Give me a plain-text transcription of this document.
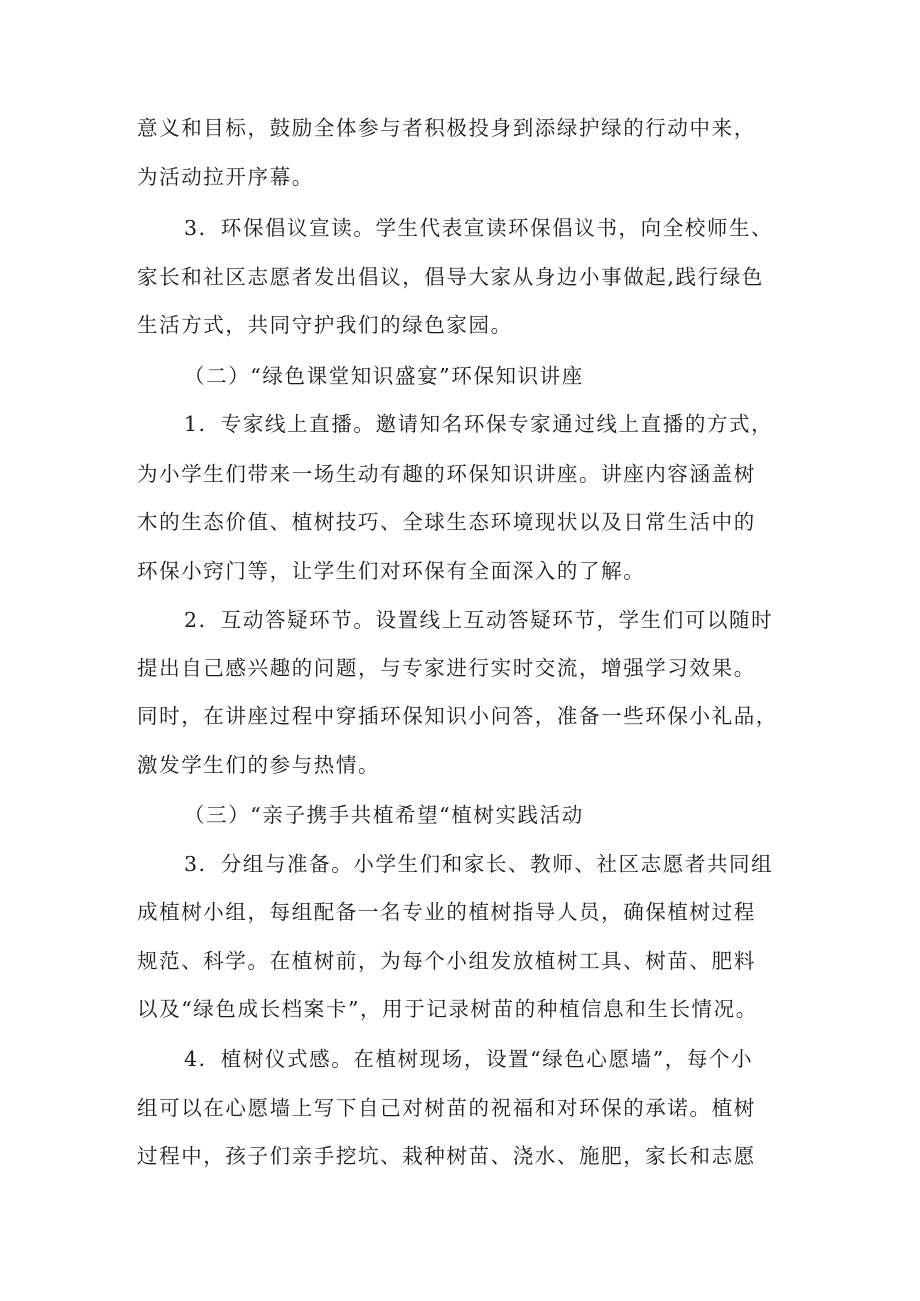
意义和目标，鼓励全体参与者积极投身到添绿护绿的行动中来，

为活动拉开序幕。

3．环保倡议宣读。学生代表宣读环保倡议书，向全校师生、

家长和社区志愿者发出倡议，倡导大家从身边小事做起,践行绿色

生活方式，共同守护我们的绿色家园。

（二）“绿色课堂知识盛宴”环保知识讲座

1．专家线上直播。邀请知名环保专家通过线上直播的方式，

为小学生们带来一场生动有趣的环保知识讲座。讲座内容涵盖树

木的生态价值、植树技巧、全球生态环境现状以及日常生活中的

环保小窍门等，让学生们对环保有全面深入的了解。

2．互动答疑环节。设置线上互动答疑环节，学生们可以随时

提出自己感兴趣的问题，与专家进行实时交流，增强学习效果。

同时，在讲座过程中穿插环保知识小问答，准备一些环保小礼品，

激发学生们的参与热情。

（三）“亲子携手共植希望“植树实践活动

3．分组与准备。小学生们和家长、教师、社区志愿者共同组

成植树小组，每组配备一名专业的植树指导人员，确保植树过程

规范、科学。在植树前，为每个小组发放植树工具、树苗、肥料

以及“绿色成长档案卡”，用于记录树苗的种植信息和生长情况。

4．植树仪式感。在植树现场，设置“绿色心愿墙”，每个小

组可以在心愿墙上写下自己对树苗的祝福和对环保的承诺。植树

过程中，孩子们亲手挖坑、栽种树苗、浇水、施肥，家长和志愿
